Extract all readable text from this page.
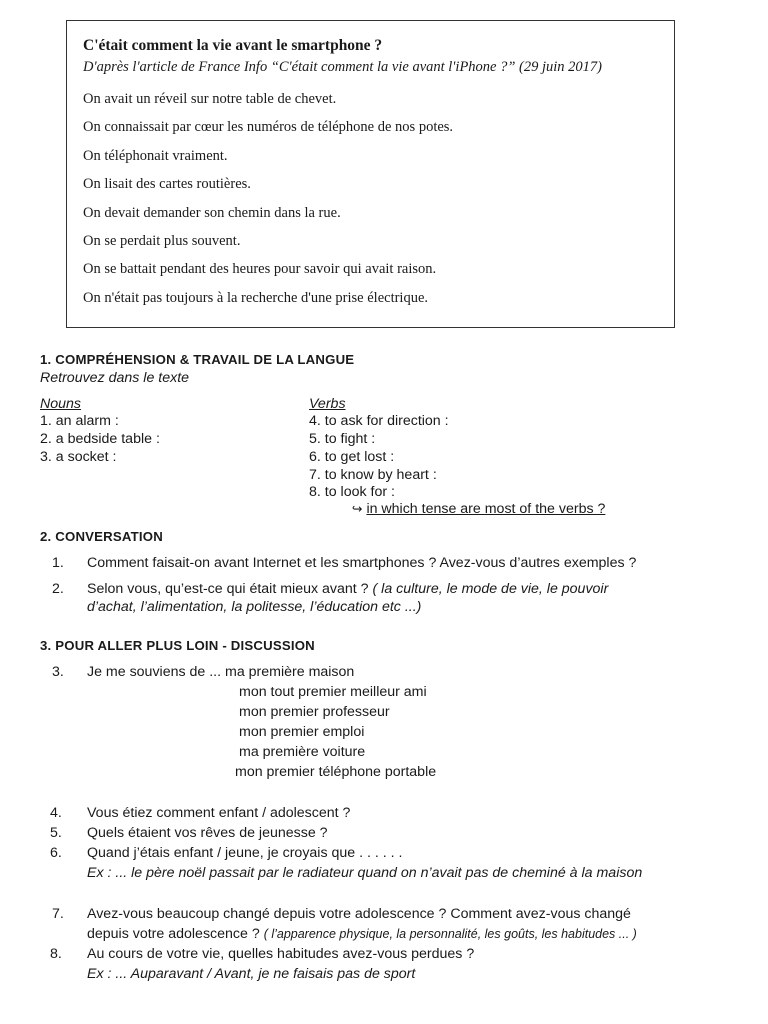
C'était comment la vie avant le smartphone ?

D'après l'article de France Info “C'était comment la vie avant l'iPhone ?” (29 juin 2017)

On avait un réveil sur notre table de chevet.

On connaissait par cœur les numéros de téléphone de nos potes.

On téléphonait vraiment.

On lisait des cartes routières.

On devait demander son chemin dans la rue.

On se perdait plus souvent.

On se battait pendant des heures pour savoir qui avait raison.

On n'était pas toujours à la recherche d'une prise électrique.

1. COMPRÉHENSION & TRAVAIL DE LA LANGUE
Retrouvez dans le texte
Nouns
1. an alarm :
2. a bedside table :
3. a socket :
Verbs
4. to ask for direction :
5. to fight :
6. to get lost :
7. to know by heart :
8. to look for :
↪ in which tense are most of the verbs ?
2. CONVERSATION
1. Comment faisait-on avant Internet et les smartphones ? Avez-vous d’autres exemples ?
2. Selon vous, qu’est-ce qui était mieux avant ? ( la culture, le mode de vie, le pouvoir
d’achat, l’alimentation, la politesse, l’éducation etc ...)
3. POUR ALLER PLUS LOIN - DISCUSSION
3. Je me souviens de ... ma première maison
mon tout premier meilleur ami
mon premier professeur
mon premier emploi
ma première voiture
mon premier téléphone portable
4. Vous étiez comment enfant / adolescent ?
5. Quels étaient vos rêves de jeunesse ?
6. Quand j’étais enfant / jeune, je croyais que . . . . . .
Ex : ... le père noël passait par le radiateur quand on n’avait pas de cheminé à la maison
7. Avez-vous beaucoup changé depuis votre adolescence ? Comment avez-vous changé
depuis votre adolescence ? ( l’apparence physique, la personnalité, les goûts, les habitudes ... )
8. Au cours de votre vie, quelles habitudes avez-vous perdues ?
Ex : ... Auparavant / Avant, je ne faisais pas de sport
